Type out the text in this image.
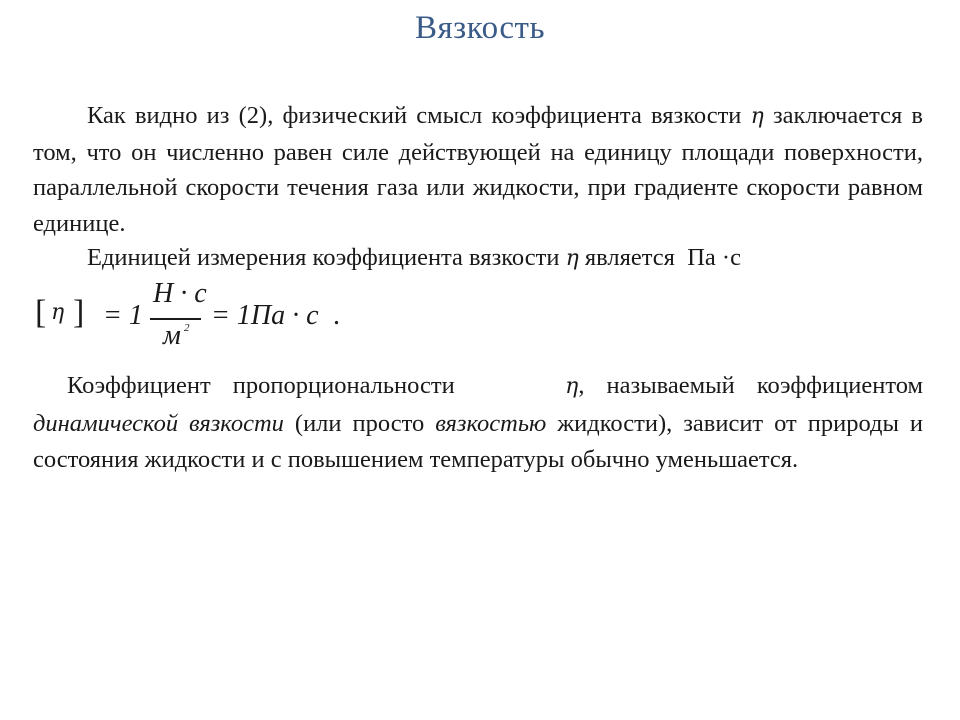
Вязкость
Как видно из (2), физический смысл коэффициента вязкости η заключается в том, что он численно равен силе действующей на единицу площади поверхности, параллельной скорости течения газа или жидкости, при градиенте скорости равном единице.
Единицей измерения коэффициента вязкости η является Па ·с
[ η ] = 1
Н · с
м 2 = 1Па · с .
Коэффициент пропорциональности	η, называемый коэффициентом динамической вязкости (или просто вязкостью жидкости), зависит от природы и состояния жидкости и с повышением температуры обычно уменьшается.
